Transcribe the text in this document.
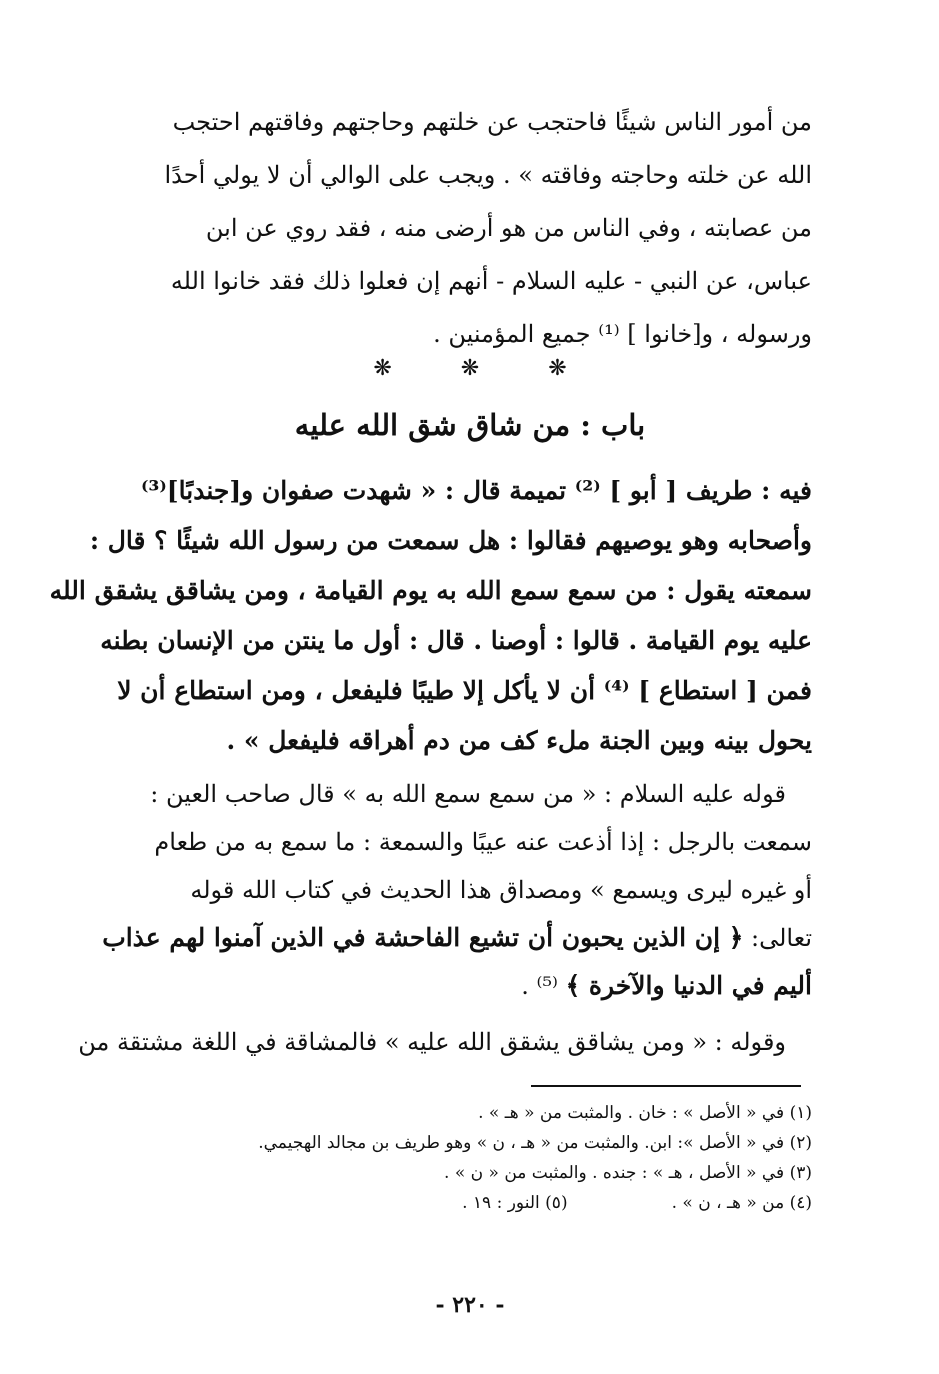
من أمور الناس شيئًا فاحتجب عن خلتهم وحاجتهم وفاقتهم احتجب
الله عن خلته وحاجته وفاقته » . ويجب على الوالي أن لا يولي أحدًا
من عصابته ، وفي الناس من هو أرضى منه ، فقد روي عن ابن
عباس، عن النبي - عليه السلام - أنهم إن فعلوا ذلك فقد خانوا الله
ورسوله ، و[خانوا ] ⁽¹⁾ جميع المؤمنين .
❋ ❋ ❋
باب : من شاق شق الله عليه
فيه : طريف [ أبو ] ⁽²⁾ تميمة قال : « شهدت صفوان و[جندبًا]⁽³⁾
وأصحابه وهو يوصيهم فقالوا : هل سمعت من رسول الله شيئًا ؟ قال :
سمعته يقول : من سمع سمع الله به يوم القيامة ، ومن يشاقق يشقق الله
عليه يوم القيامة . قالوا : أوصنا . قال : أول ما ينتن من الإنسان بطنه
فمن [ استطاع ] ⁽⁴⁾ أن لا يأكل إلا طيبًا فليفعل ، ومن استطاع أن لا
يحول بينه وبين الجنة ملء كف من دم أهراقه فليفعل » .
قوله عليه السلام : « من سمع سمع الله به » قال صاحب العين :
سمعت بالرجل : إذا أذعت عنه عيبًا والسمعة : ما سمع به من طعام
أو غيره ليرى ويسمع » ومصداق هذا الحديث في كتاب الله قوله
تعالى: ﴿ إن الذين يحبون أن تشيع الفاحشة في الذين آمنوا لهم عذاب
أليم في الدنيا والآخرة ﴾ ⁽⁵⁾ .
وقوله : « ومن يشاقق يشقق الله عليه » فالمشاقة في اللغة مشتقة من
(١) في « الأصل » : خان . والمثبت من « هـ » .
(٢) في « الأصل »: ابن. والمثبت من « هـ ، ن » وهو طريف بن مجالد الهجيمي.
(٣) في « الأصل ، هـ » : جنده . والمثبت من « ن » .
(٤) من « هـ ، ن » .(٥) النور : ١٩ .
- ٢٢٠ -
